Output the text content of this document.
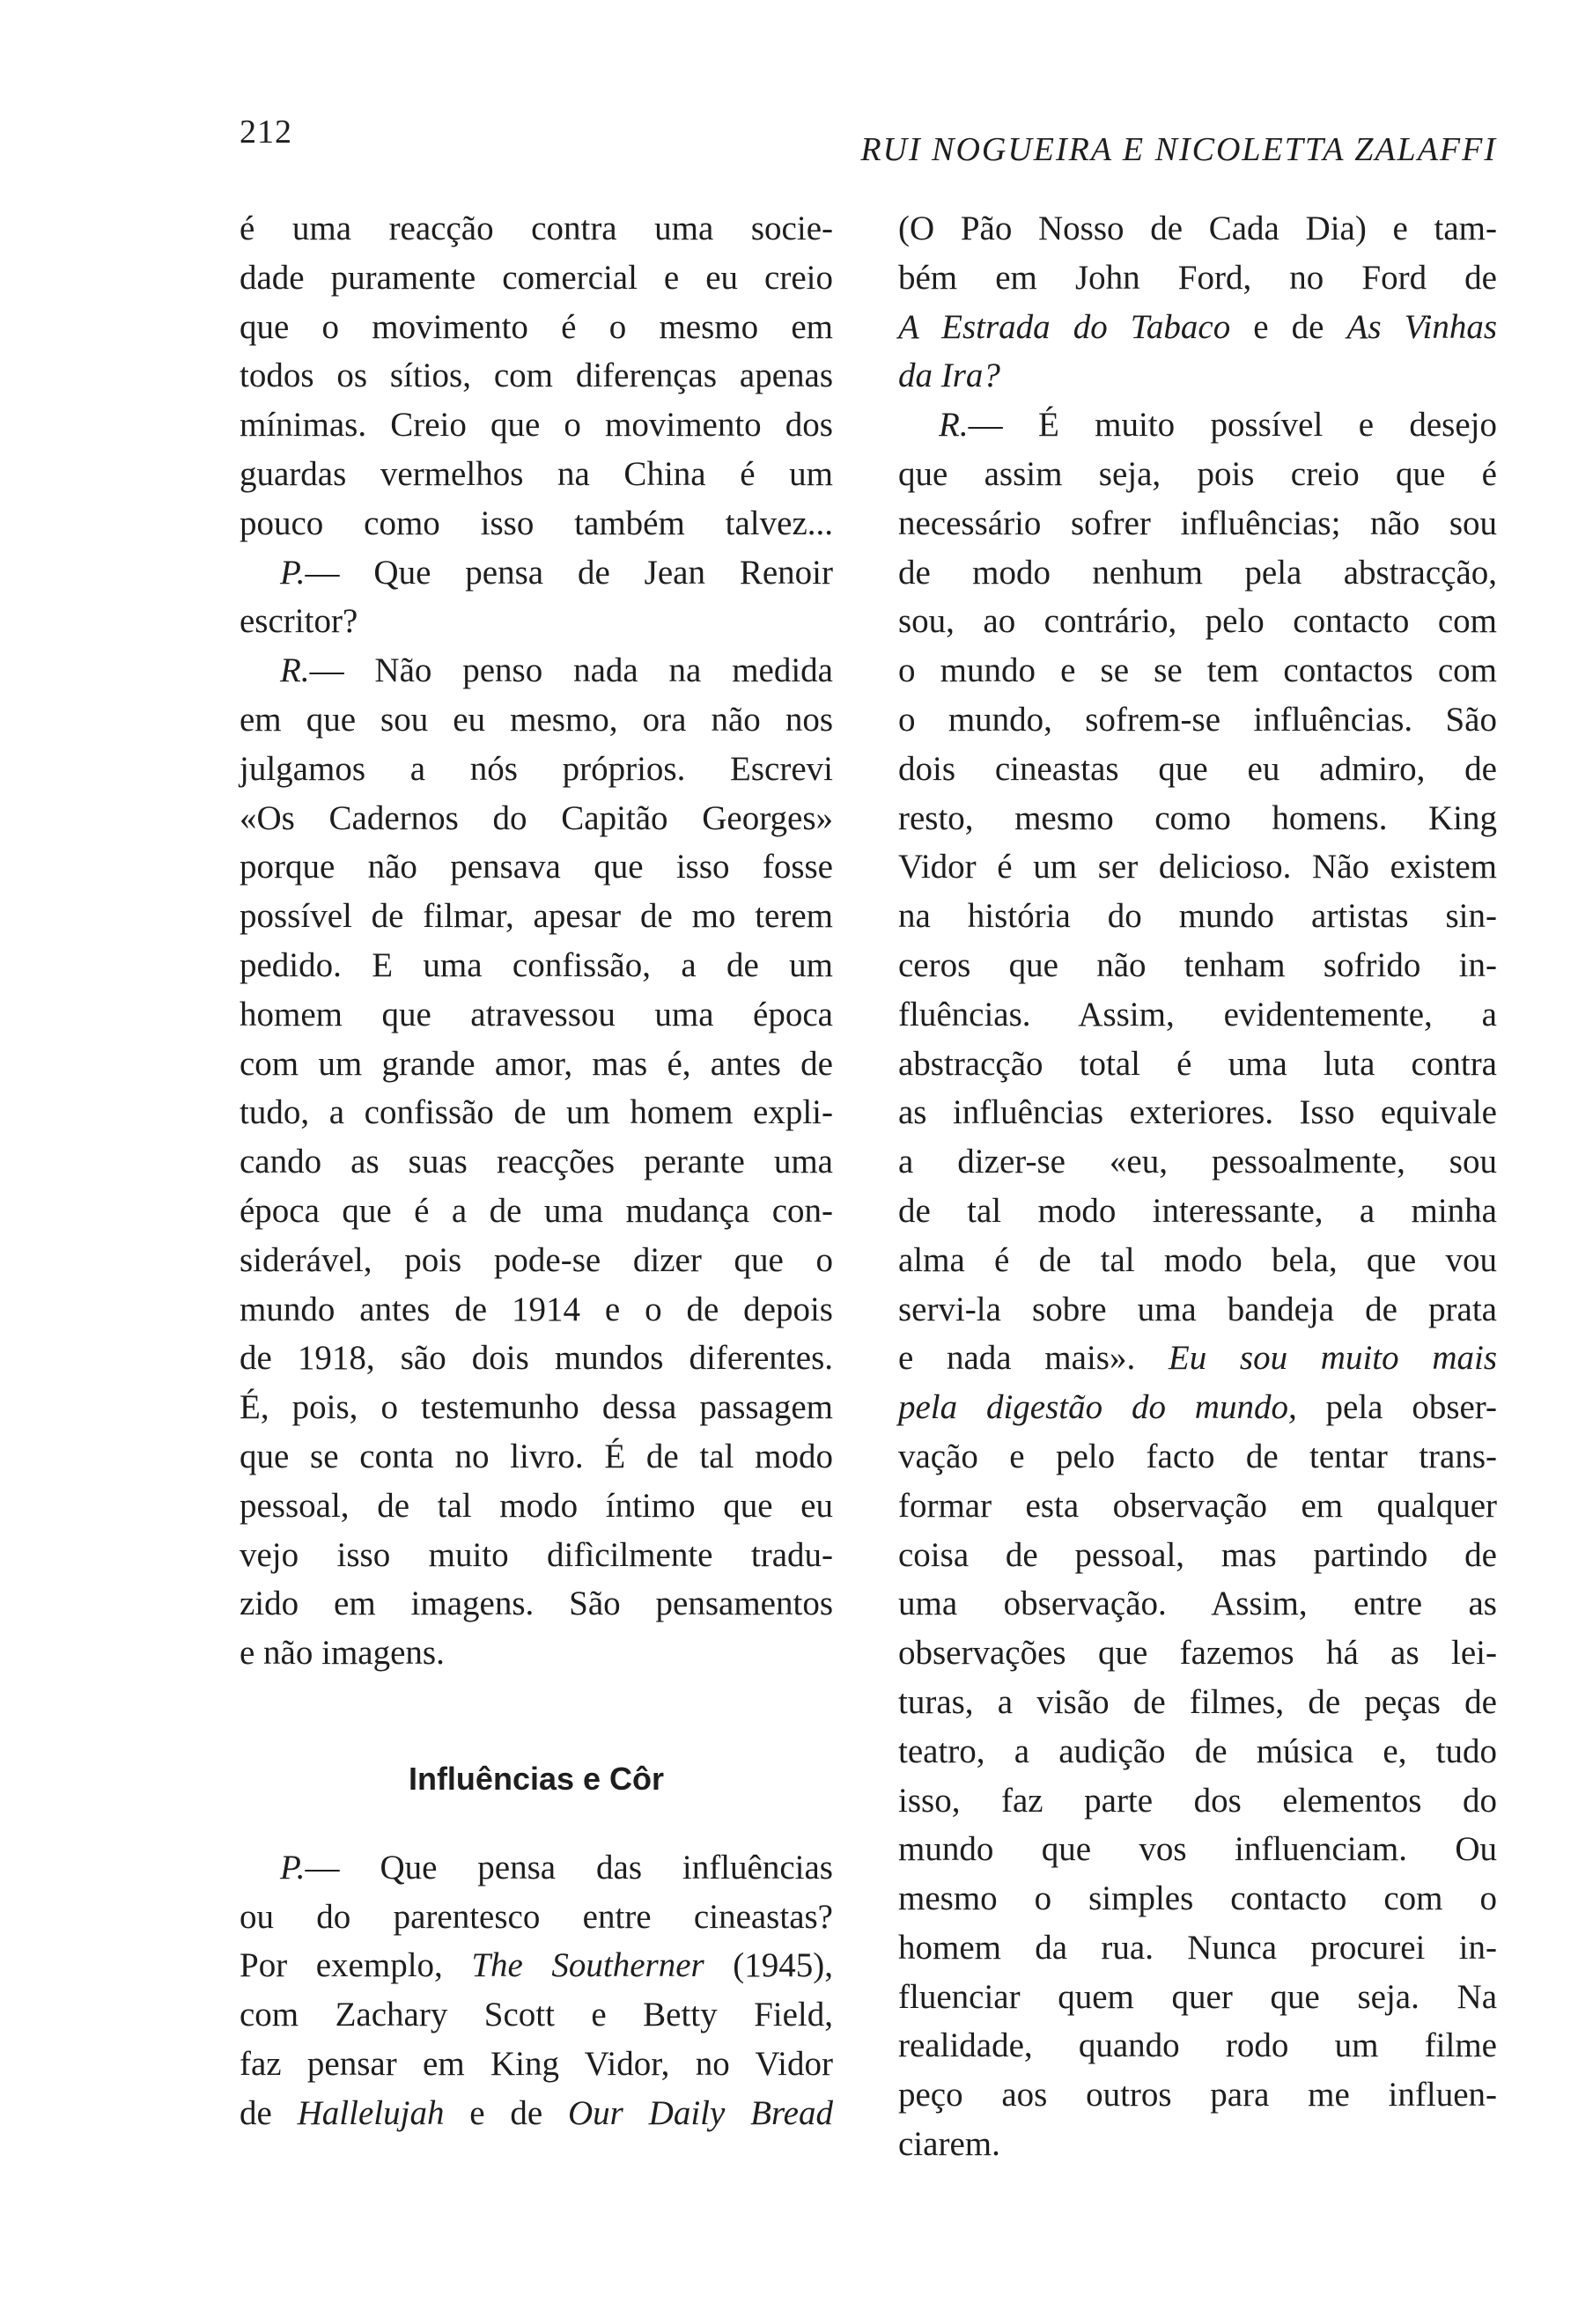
212	RUI NOGUEIRA E NICOLETTA ZALAFFI
é uma reacção contra uma socie-
dade puramente comercial e eu creio
que o movimento é o mesmo em
todos os sítios, com diferenças apenas
mínimas. Creio que o movimento dos
guardas vermelhos na China é um
pouco como isso também talvez...
P.— Que pensa de Jean Renoir
escritor?
R.— Não penso nada na medida
em que sou eu mesmo, ora não nos
julgamos a nós próprios. Escrevi
«Os Cadernos do Capitão Georges»
porque não pensava que isso fosse
possível de filmar, apesar de mo terem
pedido. E uma confissão, a de um
homem que atravessou uma época
com um grande amor, mas é, antes de
tudo, a confissão de um homem expli-
cando as suas reacções perante uma
época que é a de uma mudança con-
siderável, pois pode-se dizer que o
mundo antes de 1914 e o de depois
de 1918, são dois mundos diferentes.
É, pois, o testemunho dessa passagem
que se conta no livro. É de tal modo
pessoal, de tal modo íntimo que eu
vejo isso muito difìcilmente tradu-
zido em imagens. São pensamentos
e não imagens.
Influências e Côr
P.— Que pensa das influências
ou do parentesco entre cineastas?
Por exemplo, The Southerner (1945),
com Zachary Scott e Betty Field,
faz pensar em King Vidor, no Vidor
de Hallelujah e de Our Daily Bread
(O Pão Nosso de Cada Dia) e tam-
bém em John Ford, no Ford de
A Estrada do Tabaco e de As Vinhas
da Ira?
R.— É muito possível e desejo
que assim seja, pois creio que é
necessário sofrer influências; não sou
de modo nenhum pela abstracção,
sou, ao contrário, pelo contacto com
o mundo e se se tem contactos com
o mundo, sofrem-se influências. São
dois cineastas que eu admiro, de
resto, mesmo como homens. King
Vidor é um ser delicioso. Não existem
na história do mundo artistas sin-
ceros que não tenham sofrido in-
fluências. Assim, evidentemente, a
abstracção total é uma luta contra
as influências exteriores. Isso equivale
a dizer-se «eu, pessoalmente, sou
de tal modo interessante, a minha
alma é de tal modo bela, que vou
servi-la sobre uma bandeja de prata
e nada mais». Eu sou muito mais
pela digestão do mundo, pela obser-
vação e pelo facto de tentar trans-
formar esta observação em qualquer
coisa de pessoal, mas partindo de
uma observação. Assim, entre as
observações que fazemos há as lei-
turas, a visão de filmes, de peças de
teatro, a audição de música e, tudo
isso, faz parte dos elementos do
mundo que vos influenciam. Ou
mesmo o simples contacto com o
homem da rua. Nunca procurei in-
fluenciar quem quer que seja. Na
realidade, quando rodo um filme
peço aos outros para me influen-
ciarem.
